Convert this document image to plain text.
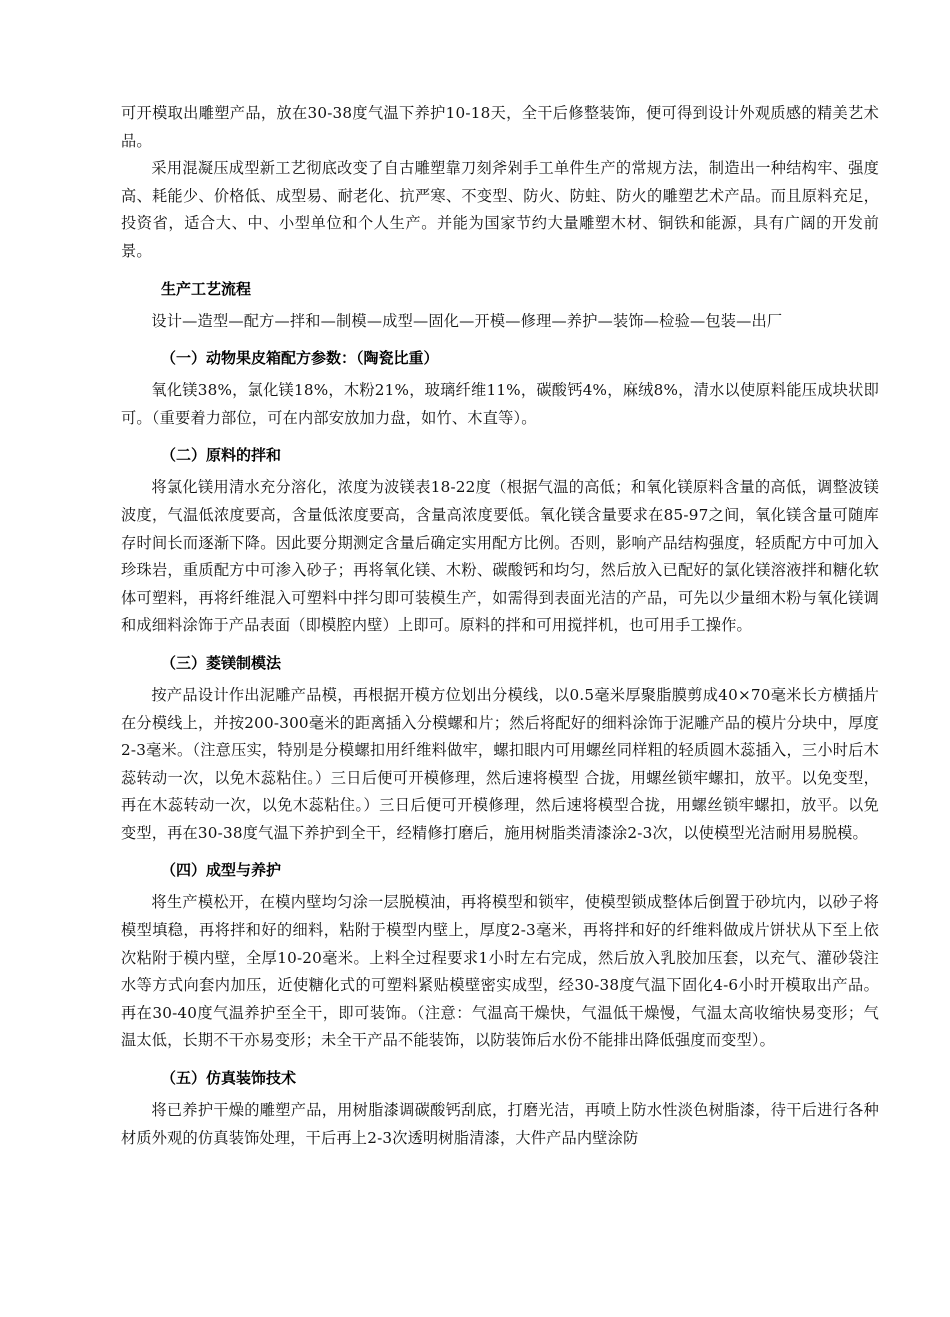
可开模取出雕塑产品，放在30-38度气温下养护10-18天，全干后修整装饰，便可得到设计外观质感的精美艺术品。

采用混凝压成型新工艺彻底改变了自古雕塑靠刀刻斧剁手工单件生产的常规方法，制造出一种结构牢、强度高、耗能少、价格低、成型易、耐老化、抗严寒、不变型、防火、防蛀、防火的雕塑艺术产品。而且原料充足，投资省，适合大、中、小型单位和个人生产。并能为国家节约大量雕塑木材、铜铁和能源，具有广阔的开发前景。

生产工艺流程

设计—造型—配方—拌和—制模—成型—固化—开模—修理—养护—装饰—检验—包装—出厂

（一）动物果皮箱配方参数：（陶瓷比重）

氧化镁38%，氯化镁18%，木粉21%，玻璃纤维11%，碳酸钙4%，麻绒8%，清水以使原料能压成块状即可。（重要着力部位，可在内部安放加力盘，如竹、木直等）。

（二）原料的拌和

将氯化镁用清水充分溶化，浓度为波镁表18-22度（根据气温的高低；和氧化镁原料含量的高低，调整波镁波度，气温低浓度要高，含量低浓度要高，含量高浓度要低。氧化镁含量要求在85-97之间，氧化镁含量可随库存时间长而逐渐下降。因此要分期测定含量后确定实用配方比例。否则，影响产品结构强度，轻质配方中可加入珍珠岩，重质配方中可渗入砂子；再将氧化镁、木粉、碳酸钙和均匀，然后放入已配好的氯化镁溶液拌和糖化软体可塑料，再将纤维混入可塑料中拌匀即可装模生产，如需得到表面光洁的产品，可先以少量细木粉与氧化镁调和成细料涂饰于产品表面（即模腔内壁）上即可。原料的拌和可用搅拌机，也可用手工操作。

（三）菱镁制模法

按产品设计作出泥雕产品模，再根据开模方位划出分模线，以0.5毫米厚聚脂膜剪成40×70毫米长方横插片在分模线上，并按200-300毫米的距离插入分模螺和片；然后将配好的细料涂饰于泥雕产品的模片分块中，厚度2-3毫米。（注意压实，特别是分模螺扣用纤维料做牢，螺扣眼内可用螺丝同样粗的轻质圆木蕊插入，三小时后木蕊转动一次，以免木蕊粘住。）三日后便可开模修理，然后速将模型 合拢，用螺丝锁牢螺扣，放平。以免变型，再在木蕊转动一次，以免木蕊粘住。）三日后便可开模修理，然后速将模型合拢，用螺丝锁牢螺扣，放平。以免变型，再在30-38度气温下养护到全干，经精修打磨后，施用树脂类清漆涂2-3次，以使模型光洁耐用易脱模。

（四）成型与养护

将生产模松开，在模内壁均匀涂一层脱模油，再将模型和锁牢，使模型锁成整体后倒置于砂坑内，以砂子将模型填稳，再将拌和好的细料，粘附于模型内壁上，厚度2-3毫米，再将拌和好的纤维料做成片饼状从下至上依次粘附于模内壁，全厚10-20毫米。上料全过程要求1小时左右完成，然后放入乳胶加压套，以充气、灌砂袋注水等方式向套内加压，近使糖化式的可塑料紧贴模壁密实成型，经30-38度气温下固化4-6小时开模取出产品。再在30-40度气温养护至全干，即可装饰。（注意：气温高干燥快，气温低干燥慢，气温太高收缩快易变形；气温太低，长期不干亦易变形；未全干产品不能装饰，以防装饰后水份不能排出降低强度而变型）。

（五）仿真装饰技术

将已养护干燥的雕塑产品，用树脂漆调碳酸钙刮底，打磨光洁，再喷上防水性淡色树脂漆，待干后进行各种材质外观的仿真装饰处理，干后再上2-3次透明树脂清漆，大件产品内壁涂防
